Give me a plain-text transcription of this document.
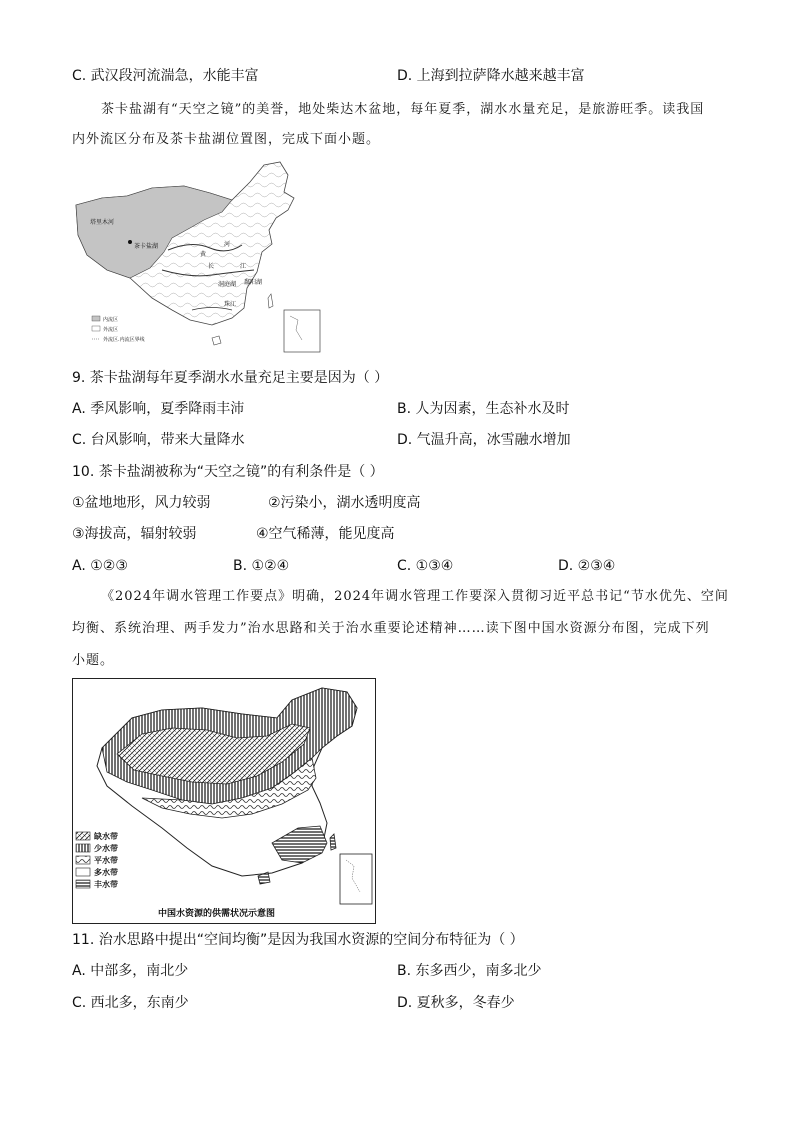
C. 武汉段河流湍急，水能丰富	D. 上海到拉萨降水越来越丰富
茶卡盐湖有“天空之镜”的美誉，地处柴达木盆地，每年夏季，湖水水量充足，是旅游旺季。读我国
内外流区分布及茶卡盐湖位置图，完成下面小题。
塔里木河
茶卡盐湖
黄
河
长	江
洞庭湖 鄱阳湖
珠江
内流区
外流区
外流区.内流区界线
9. 茶卡盐湖每年夏季湖水水量充足主要是因为（ ）
A. 季风影响，夏季降雨丰沛	B. 人为因素，生态补水及时
C. 台风影响，带来大量降水	D. 气温升高，冰雪融水增加
10. 茶卡盐湖被称为“天空之镜”的有利条件是（ ）
①盆地地形，风力较弱	②污染小，湖水透明度高
③海拔高，辐射较弱	④空气稀薄，能见度高
A. ①②③	B. ①②④	C. ①③④	D. ②③④
《2024年调水管理工作要点》明确，2024年调水管理工作要深入贯彻习近平总书记“节水优先、空间
均衡、系统治理、两手发力”治水思路和关于治水重要论述精神……读下图中国水资源分布图，完成下列
小题。
缺水带
少水带
平水带
多水带
丰水带
中国水资源的供需状况示意图
11. 治水思路中提出“空间均衡”是因为我国水资源的空间分布特征为（ ）
A. 中部多，南北少	B. 东多西少，南多北少
C. 西北多，东南少	D. 夏秋多，冬春少
